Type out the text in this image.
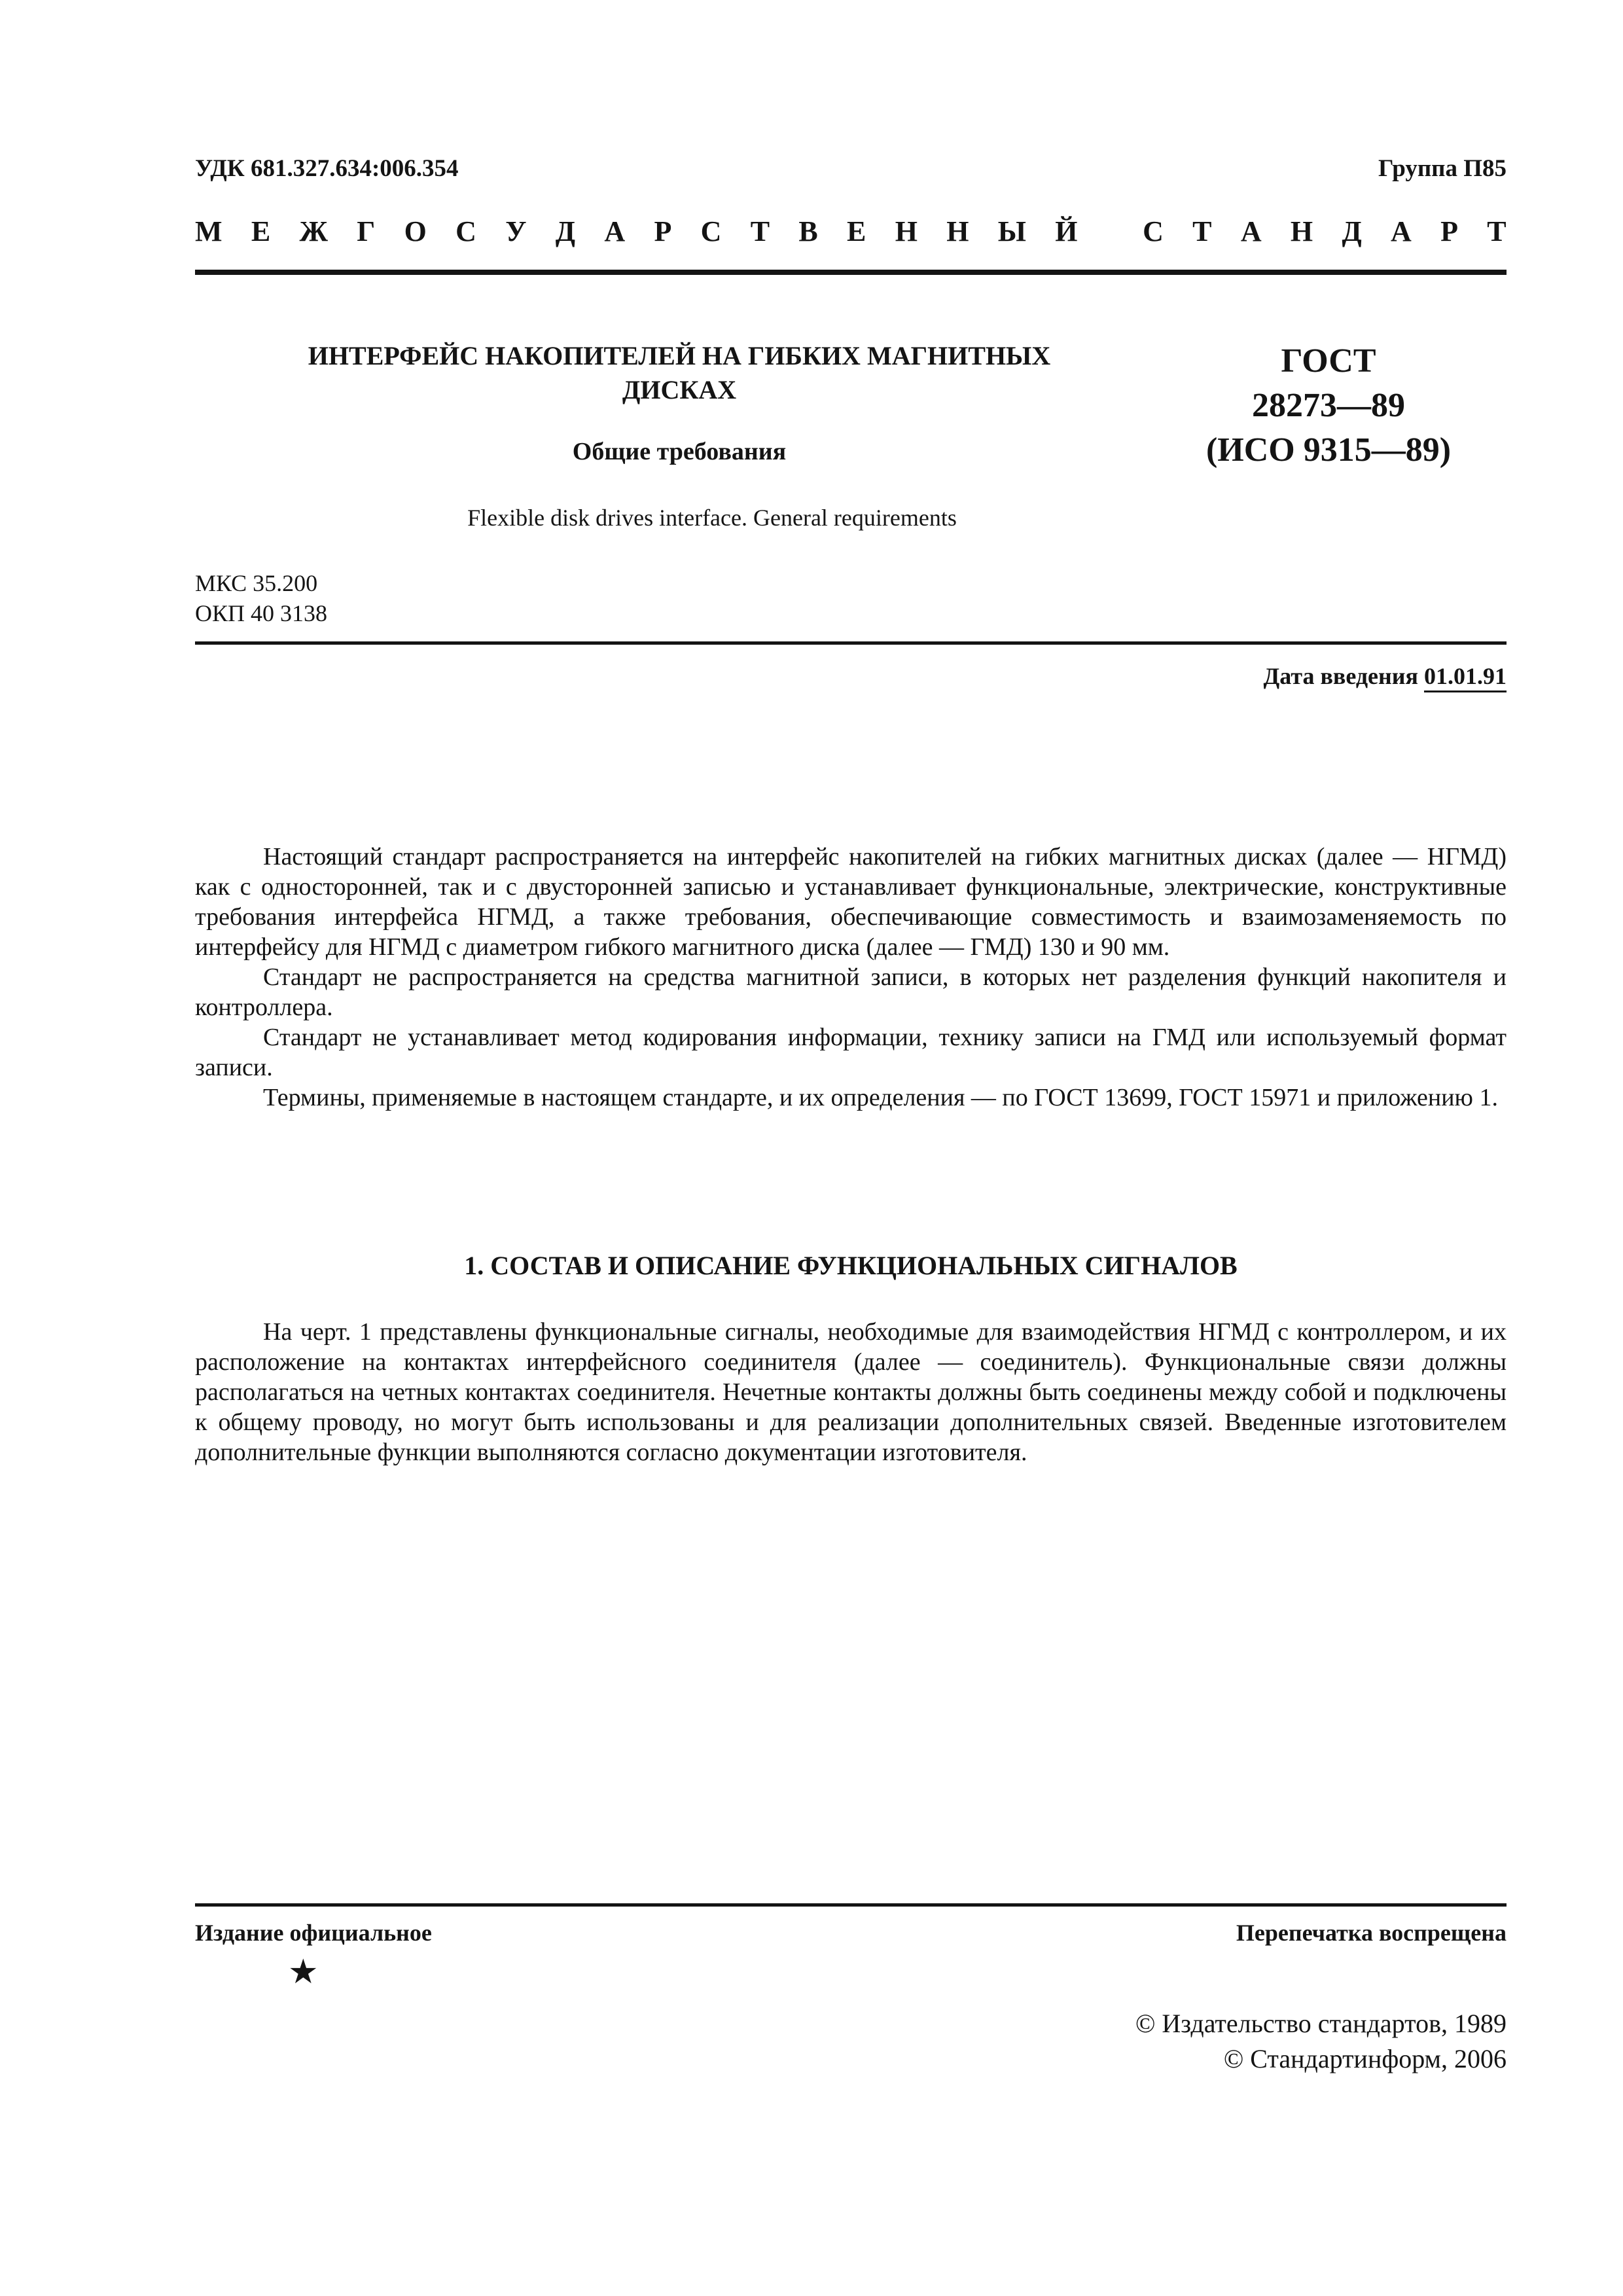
УДК 681.327.634:006.354	Группа П85
М Е Ж Г О С У Д А Р С Т В Е Н Н Ы Й
С Т А Н Д А Р Т
ИНТЕРФЕЙС НАКОПИТЕЛЕЙ НА ГИБКИХ МАГНИТНЫХ
ДИСКАХ
Общие требования
Flexible disk drives interface. General requirements
ГОСТ
28273—89
(ИСО 9315—89)
МКС 35.200
ОКП 40 3138
Дата введения 01.01.91

Настоящий стандарт распространяется на интерфейс накопителей на гибких магнитных дисках (далее — НГМД) как с односторонней, так и с двусторонней записью и устанавливает функциональные, электрические, конструктивные требования интерфейса НГМД, а также требования, обеспечивающие совместимость и взаимозаменяемость по интерфейсу для НГМД с диаметром гибкого магнитного диска (далее — ГМД) 130 и 90 мм.

Стандарт не распространяется на средства магнитной записи, в которых нет разделения функций накопителя и контроллера.

Стандарт не устанавливает метод кодирования информации, технику записи на ГМД или используемый формат записи.

Термины, применяемые в настоящем стандарте, и их определения — по ГОСТ 13699, ГОСТ 15971 и приложению 1.

1. СОСТАВ И ОПИСАНИЕ ФУНКЦИОНАЛЬНЫХ СИГНАЛОВ

На черт. 1 представлены функциональные сигналы, необходимые для взаимодействия НГМД с контроллером, и их расположение на контактах интерфейсного соединителя (далее — соединитель). Функциональные связи должны располагаться на четных контактах соединителя. Нечетные контакты должны быть соединены между собой и подключены к общему проводу, но могут быть использованы и для реализации дополнительных связей. Введенные изготовителем дополнительные функции выполняются согласно документации изготовителя.

Издание официальное	Перепечатка воспрещена
★
© Издательство стандартов, 1989
© Стандартинформ, 2006
